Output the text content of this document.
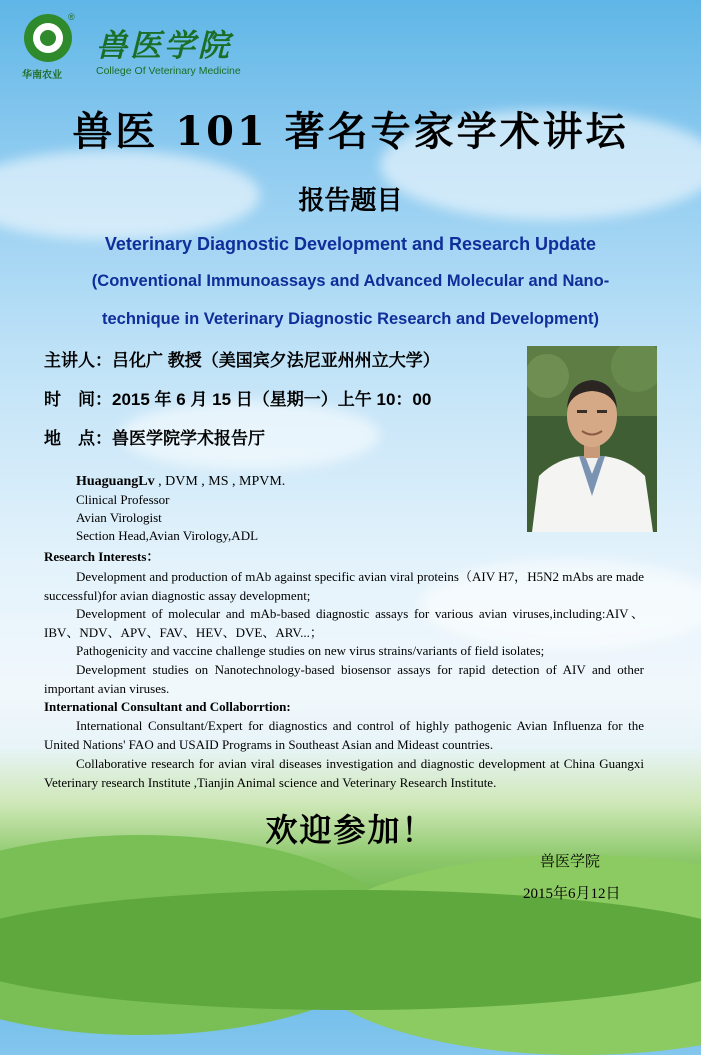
®
华南农业
兽医学院
College Of Veterinary Medicine
兽医 101 著名专家学术讲坛
报告题目
Veterinary Diagnostic Development and Research Update
(Conventional Immunoassays and Advanced Molecular and Nano-
technique in Veterinary Diagnostic Research and Development)
主讲人：吕化广 教授（美国宾夕法尼亚州州立大学）
时　间：2015 年 6 月 15 日（星期一）上午 10：00
地　点：兽医学院学术报告厅
HuaguangLv , DVM , MS , MPVM.
Clinical Professor
Avian Virologist
Section Head,Avian Virology,ADL
Research Interests：
Development and production of mAb against specific avian viral proteins（AIV H7，H5N2 mAbs are made successful)for avian diagnostic assay development;
Development of molecular and mAb-based diagnostic assays for various avian viruses,including:AIV、IBV、NDV、APV、FAV、HEV、DVE、ARV...；
Pathogenicity and vaccine challenge studies on new virus strains/variants of field isolates;
Development studies on Nanotechnology-based biosensor assays for rapid detection of AIV and other important avian viruses.
International Consultant and Collaborrtion:
International Consultant/Expert for diagnostics and control of highly pathogenic Avian Influenza for the United Nations' FAO and USAID Programs in Southeast Asian and Mideast countries.
Collaborative research for avian viral diseases investigation and diagnostic development at China Guangxi Veterinary research Institute ,Tianjin Animal science and Veterinary Research Institute.
欢迎参加！
兽医学院
2015年6月12日
